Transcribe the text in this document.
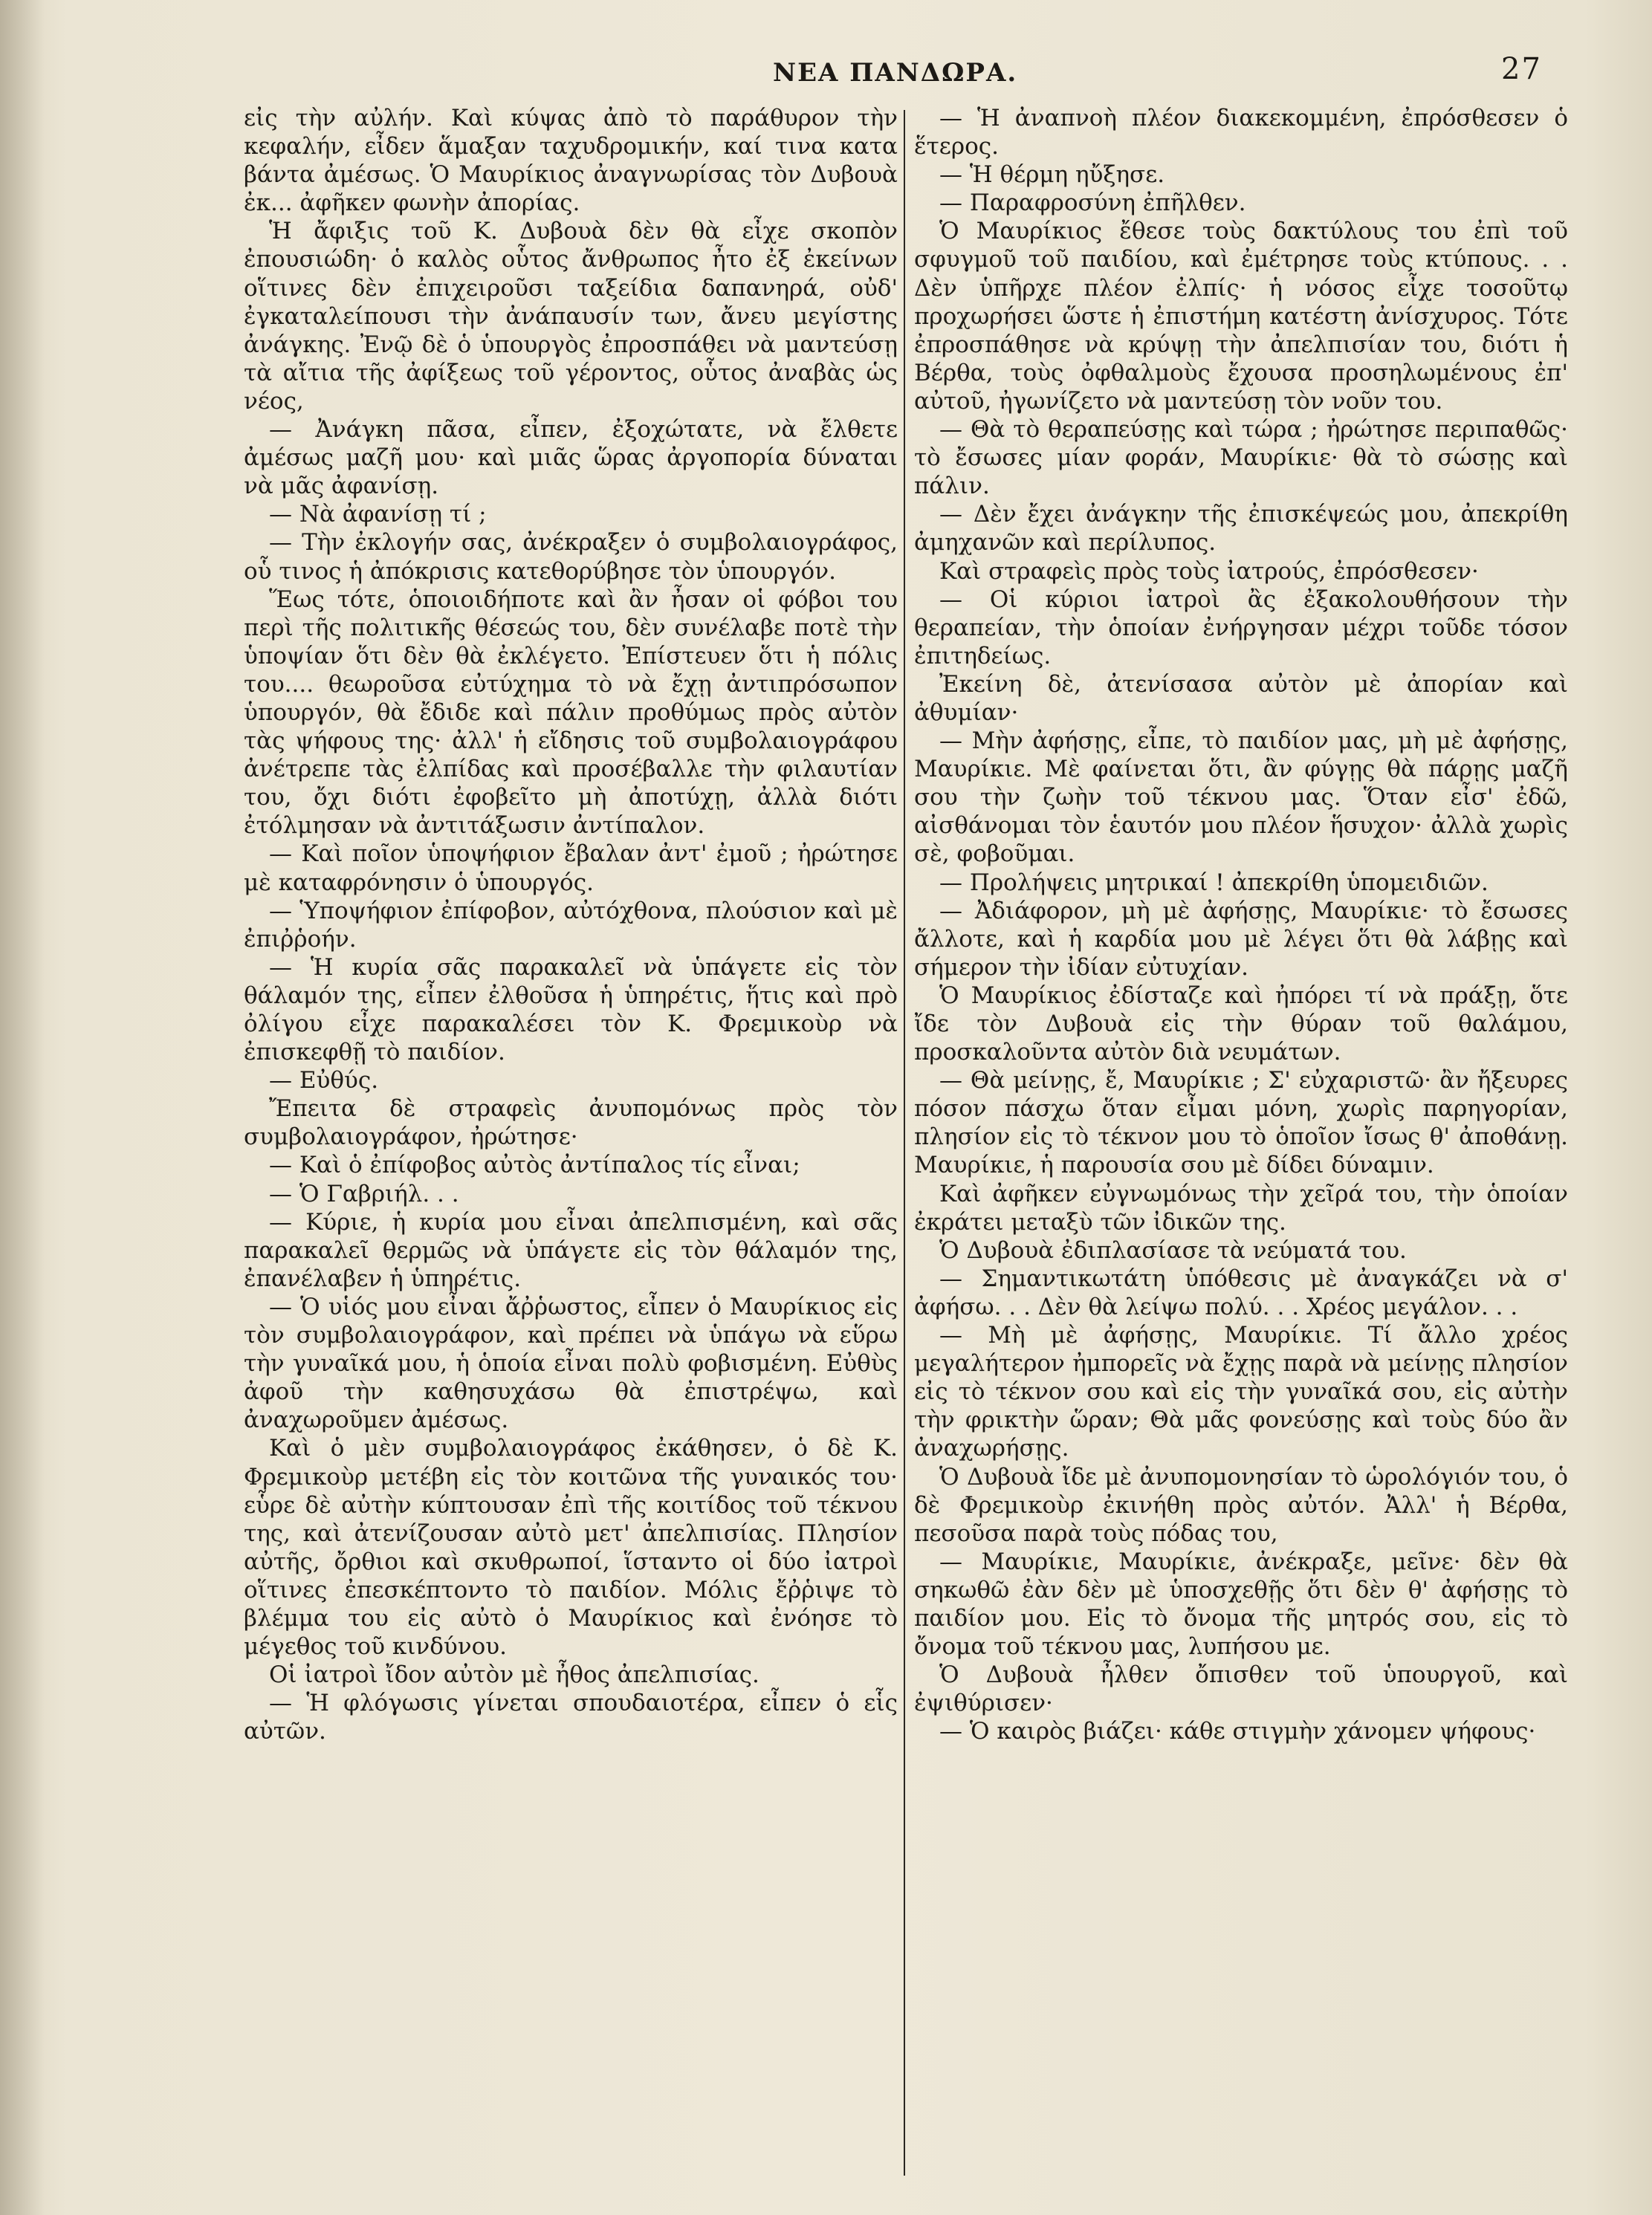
ΝΕΑ ΠΑΝΔΩΡΑ.	27

εἰς τὴν αὐλήν. Καὶ κύψας ἀπὸ τὸ παράθυρον τὴν κεφαλήν, εἶδεν ἅμαξαν ταχυδρομικήν, καί τινα κατα βάντα ἀμέσως. Ὁ Μαυρίκιος ἀναγνωρίσας τὸν Δυβουὰ ἐκ... ἀφῆκεν φωνὴν ἀπορίας.

Ἡ ἄφιξις τοῦ Κ. Δυβουὰ δὲν θὰ εἶχε σκοπὸν ἐπουσιώδη· ὁ καλὸς οὗτος ἄνθρωπος ἦτο ἐξ ἐκείνων οἵτινες δὲν ἐπιχειροῦσι ταξείδια δαπανηρά, οὐδ' ἐγκαταλείπουσι τὴν ἀνάπαυσίν των, ἄνευ μεγίστης ἀνάγκης. Ἐνῷ δὲ ὁ ὑπουργὸς ἐπροσπάθει νὰ μαντεύσῃ τὰ αἴτια τῆς ἀφίξεως τοῦ γέροντος, οὗτος ἀναβὰς ὡς νέος,

— Ἀνάγκη πᾶσα, εἶπεν, ἐξοχώτατε, νὰ ἔλθετε ἀμέσως μαζῆ μου· καὶ μιᾶς ὥρας ἀργοπορία δύναται νὰ μᾶς ἀφανίσῃ.

— Νὰ ἀφανίσῃ τί ;

— Τὴν ἐκλογήν σας, ἀνέκραξεν ὁ συμβολαιογράφος, οὗ τινος ἡ ἀπόκρισις κατεθορύβησε τὸν ὑπουργόν.

Ἕως τότε, ὁποιοιδήποτε καὶ ἂν ἦσαν οἱ φόβοι του περὶ τῆς πολιτικῆς θέσεώς του, δὲν συνέλαβε ποτὲ τὴν ὑποψίαν ὅτι δὲν θὰ ἐκλέγετο. Ἐπίστευεν ὅτι ἡ πόλις του.... θεωροῦσα εὐτύχημα τὸ νὰ ἔχῃ ἀντιπρόσωπον ὑπουργόν, θὰ ἔδιδε καὶ πάλιν προθύμως πρὸς αὐτὸν τὰς ψήφους της· ἀλλ' ἡ εἴδησις τοῦ συμβολαιογράφου ἀνέτρεπε τὰς ἐλπίδας καὶ προσέβαλλε τὴν φιλαυτίαν του, ὄχι διότι ἐφοβεῖτο μὴ ἀποτύχῃ, ἀλλὰ διότι ἐτόλμησαν νὰ ἀντιτάξωσιν ἀντίπαλον.

— Καὶ ποῖον ὑποψήφιον ἔβαλαν ἀντ' ἐμοῦ ; ἠρώτησε μὲ καταφρόνησιν ὁ ὑπουργός.

— Ὑποψήφιον ἐπίφοβον, αὐτόχθονα, πλούσιον καὶ μὲ ἐπιῤῥοήν.

— Ἡ κυρία σᾶς παρακαλεῖ νὰ ὑπάγετε εἰς τὸν θάλαμόν της, εἶπεν ἐλθοῦσα ἡ ὑπηρέτις, ἥτις καὶ πρὸ ὀλίγου εἶχε παρακαλέσει τὸν Κ. Φρεμικοὺρ νὰ ἐπισκεφθῇ τὸ παιδίον.

— Εὐθύς.

Ἔπειτα δὲ στραφεὶς ἀνυπομόνως πρὸς τὸν συμβολαιογράφον, ἠρώτησε·

— Καὶ ὁ ἐπίφοβος αὐτὸς ἀντίπαλος τίς εἶναι;

— Ὁ Γαβριήλ. . .

— Κύριε, ἡ κυρία μου εἶναι ἀπελπισμένη, καὶ σᾶς παρακαλεῖ θερμῶς νὰ ὑπάγετε εἰς τὸν θάλαμόν της, ἐπανέλαβεν ἡ ὑπηρέτις.

— Ὁ υἱός μου εἶναι ἄῤῥωστος, εἶπεν ὁ Μαυρίκιος εἰς τὸν συμβολαιογράφον, καὶ πρέπει νὰ ὑπάγω νὰ εὕρω τὴν γυναῖκά μου, ἡ ὁποία εἶναι πολὺ φοβισμένη. Εὐθὺς ἀφοῦ τὴν καθησυχάσω θὰ ἐπιστρέψω, καὶ ἀναχωροῦμεν ἀμέσως.

Καὶ ὁ μὲν συμβολαιογράφος ἐκάθησεν, ὁ δὲ Κ. Φρεμικοὺρ μετέβη εἰς τὸν κοιτῶνα τῆς γυναικός του· εὗρε δὲ αὐτὴν κύπτουσαν ἐπὶ τῆς κοιτίδος τοῦ τέκνου της, καὶ ἀτενίζουσαν αὐτὸ μετ' ἀπελπισίας. Πλησίον αὐτῆς, ὄρθιοι καὶ σκυθρωποί, ἵσταντο οἱ δύο ἰατροὶ οἵτινες ἐπεσκέπτοντο τὸ παιδίον. Μόλις ἔῤῥιψε τὸ βλέμμα του εἰς αὐτὸ ὁ Μαυρίκιος καὶ ἐνόησε τὸ μέγεθος τοῦ κινδύνου.

Οἱ ἰατροὶ ἴδον αὐτὸν μὲ ἦθος ἀπελπισίας.

— Ἡ φλόγωσις γίνεται σπουδαιοτέρα, εἶπεν ὁ εἷς αὐτῶν.

— Ἡ ἀναπνοὴ πλέον διακεκομμένη, ἐπρόσθεσεν ὁ ἕτερος.

— Ἡ θέρμη ηὔξησε.

— Παραφροσύνη ἐπῆλθεν.

Ὁ Μαυρίκιος ἔθεσε τοὺς δακτύλους του ἐπὶ τοῦ σφυγμοῦ τοῦ παιδίου, καὶ ἐμέτρησε τοὺς κτύπους. . . Δὲν ὑπῆρχε πλέον ἐλπίς· ἡ νόσος εἶχε τοσοῦτῳ προχωρήσει ὥστε ἡ ἐπιστήμη κατέστη ἀνίσχυρος. Τότε ἐπροσπάθησε νὰ κρύψῃ τὴν ἀπελπισίαν του, διότι ἡ Βέρθα, τοὺς ὀφθαλμοὺς ἔχουσα προσηλωμένους ἐπ' αὐτοῦ, ἠγωνίζετο νὰ μαντεύσῃ τὸν νοῦν του.

— Θὰ τὸ θεραπεύσῃς καὶ τώρα ; ἠρώτησε περιπαθῶς· τὸ ἔσωσες μίαν φοράν, Μαυρίκιε· θὰ τὸ σώσῃς καὶ πάλιν.

— Δὲν ἔχει ἀνάγκην τῆς ἐπισκέψεώς μου, ἀπεκρίθη ἀμηχανῶν καὶ περίλυπος.

Καὶ στραφεὶς πρὸς τοὺς ἰατρούς, ἐπρόσθεσεν·

— Οἱ κύριοι ἰατροὶ ἂς ἐξακολουθήσουν τὴν θεραπείαν, τὴν ὁποίαν ἐνήργησαν μέχρι τοῦδε τόσον ἐπιτηδείως.

Ἐκείνη δὲ, ἀτενίσασα αὐτὸν μὲ ἀπορίαν καὶ ἀθυμίαν·

— Μὴν ἀφήσῃς, εἶπε, τὸ παιδίον μας, μὴ μὲ ἀφήσῃς, Μαυρίκιε. Μὲ φαίνεται ὅτι, ἂν φύγῃς θὰ πάρῃς μαζῆ σου τὴν ζωὴν τοῦ τέκνου μας. Ὅταν εἶσ' ἐδῶ, αἰσθάνομαι τὸν ἑαυτόν μου πλέον ἥσυχον· ἀλλὰ χωρὶς σὲ, φοβοῦμαι.

— Προλήψεις μητρικαί ! ἀπεκρίθη ὑπομειδιῶν.

— Ἀδιάφορον, μὴ μὲ ἀφήσῃς, Μαυρίκιε· τὸ ἔσωσες ἄλλοτε, καὶ ἡ καρδία μου μὲ λέγει ὅτι θὰ λάβῃς καὶ σήμερον τὴν ἰδίαν εὐτυχίαν.

Ὁ Μαυρίκιος ἐδίσταζε καὶ ἠπόρει τί νὰ πράξῃ, ὅτε ἴδε τὸν Δυβουὰ εἰς τὴν θύραν τοῦ θαλάμου, προσκαλοῦντα αὐτὸν διὰ νευμάτων.

— Θὰ μείνῃς, ἔ, Μαυρίκιε ; Σ' εὐχαριστῶ· ἂν ἤξευρες πόσον πάσχω ὅταν εἶμαι μόνη, χωρὶς παρηγορίαν, πλησίον εἰς τὸ τέκνον μου τὸ ὁποῖον ἴσως θ' ἀποθάνῃ. Μαυρίκιε, ἡ παρουσία σου μὲ δίδει δύναμιν.

Καὶ ἀφῆκεν εὐγνωμόνως τὴν χεῖρά του, τὴν ὁποίαν ἐκράτει μεταξὺ τῶν ἰδικῶν της.

Ὁ Δυβουὰ ἐδιπλασίασε τὰ νεύματά του.

— Σημαντικωτάτη ὑπόθεσις μὲ ἀναγκάζει νὰ σ' ἀφήσω. . . Δὲν θὰ λείψω πολύ. . . Χρέος μεγάλον. . .

— Μὴ μὲ ἀφήσῃς, Μαυρίκιε. Τί ἄλλο χρέος μεγαλήτερον ἠμπορεῖς νὰ ἔχῃς παρὰ νὰ μείνῃς πλησίον εἰς τὸ τέκνον σου καὶ εἰς τὴν γυναῖκά σου, εἰς αὐτὴν τὴν φρικτὴν ὥραν; Θὰ μᾶς φονεύσῃς καὶ τοὺς δύο ἂν ἀναχωρήσῃς.

Ὁ Δυβουὰ ἴδε μὲ ἀνυπομονησίαν τὸ ὡρολόγιόν του, ὁ δὲ Φρεμικοὺρ ἐκινήθη πρὸς αὐτόν. Ἀλλ' ἡ Βέρθα, πεσοῦσα παρὰ τοὺς πόδας του,

— Μαυρίκιε, Μαυρίκιε, ἀνέκραξε, μεῖνε· δὲν θὰ σηκωθῶ ἐὰν δὲν μὲ ὑποσχεθῇς ὅτι δὲν θ' ἀφήσῃς τὸ παιδίον μου. Εἰς τὸ ὄνομα τῆς μητρός σου, εἰς τὸ ὄνομα τοῦ τέκνου μας, λυπήσου με.

Ὁ Δυβουὰ ἦλθεν ὄπισθεν τοῦ ὑπουργοῦ, καὶ ἐψιθύρισεν·

— Ὁ καιρὸς βιάζει· κάθε στιγμὴν χάνομεν ψήφους·
